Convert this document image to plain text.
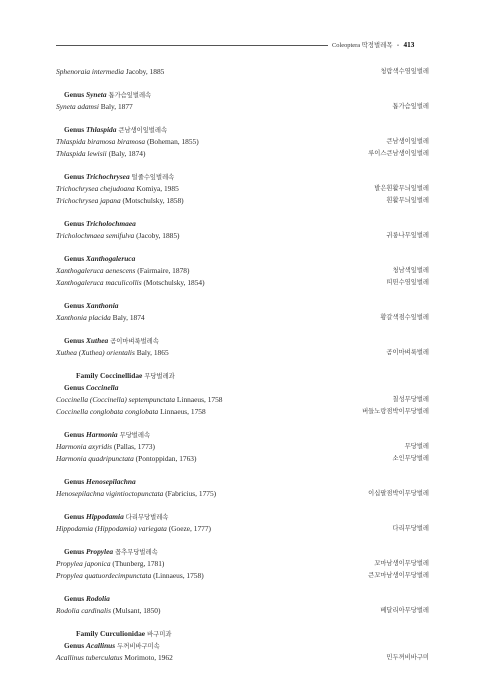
Coleoptera 딱정벌레목 • 413
Sphenoraia intermedia Jacoby, 1885	청람색수염잎벌레
Genus Syneta 톱가슴잎벌레속
Syneta adamsi Baly, 1877	톱가슴잎벌레
Genus Thlaspida 큰남생이잎벌레속
Thlaspida biramosa biramosa (Boheman, 1855)	큰남생이잎벌레
Thlaspida lewisii (Baly, 1874)	루이스큰남생이잎벌레
Genus Trichochrysea 털줄수잎벌레속
Trichochrysea chejudoana Komiya, 1985	발은흰활무늬잎벌레
Trichochrysea japana (Motschulsky, 1858)	흰활무늬잎벌레
Genus Tricholochmaea
Tricholochmaea semifulva (Jacoby, 1885)	귀룽나무잎벌레
Genus Xanthogaleruca
Xanthogaleruca aenescens (Fairmaire, 1878)	청남색잎벌레
Xanthogaleruca maculicollis (Motschulsky, 1854)	띠띤수염잎벌레
Genus Xanthonia
Xanthonia placida Baly, 1874	황갈색점수잎벌레
Genus Xuthea 곰이마벼룩벌레속
Xuthea (Xuthea) orientalis Baly, 1865	곰이마벼룩벌레
Family Coccinellidae 무당벌레과
Genus Coccinella
Coccinella (Coccinella) septempunctata Linnaeus, 1758	칠성무당벌레
Coccinella conglobata conglobata Linnaeus, 1758	버들노랑점박이무당벌레
Genus Harmonia 무당벌레속
Harmonia axyridis (Pallas, 1773)	무당벌레
Harmonia quadripunctata (Pontoppidan, 1763)	소인무당벌레
Genus Henosepilachna
Henosepilachna vigintioctopunctata (Fabricius, 1775)	이십팔점박이무당벌레
Genus Hippodamia 다리무당벌레속
Hippodamia (Hippodamia) variegata (Goeze, 1777)	다리무당벌레
Genus Propylea 꼽추무당벌레속
Propylea japonica (Thunberg, 1781)	꼬마남생이무당벌레
Propylea quatuordecimpunctata (Linnaeus, 1758)	큰꼬마남생이무당벌레
Genus Rodolia
Rodolia cardinalis (Mulsant, 1850)	베달리아무당벌레
Family Curculionidae 바구미과
Genus Acallinus 두꺼비바구미속
Acallinus tuberculatus Morimoto, 1962	민두꺼비바구미
